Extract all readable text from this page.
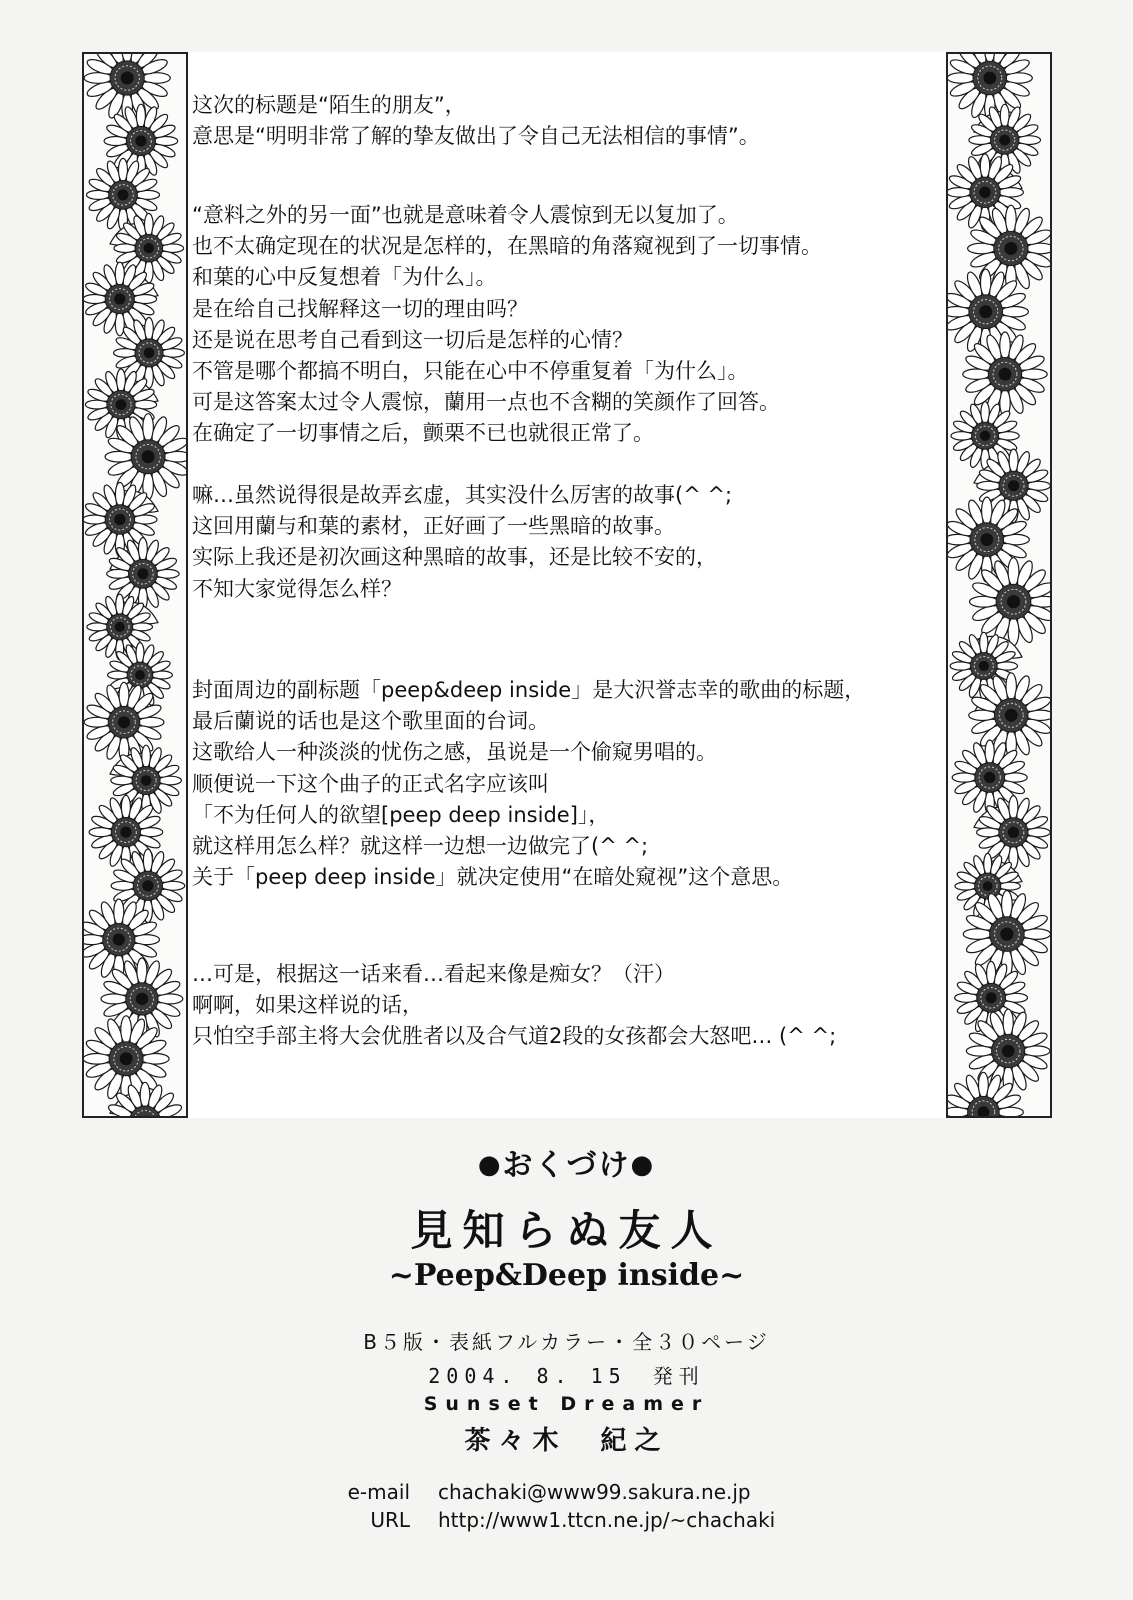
这次的标题是“陌生的朋友”，
意思是“明明非常了解的挚友做出了令自己无法相信的事情”。
“意料之外的另一面”也就是意味着令人震惊到无以复加了。
也不太确定现在的状况是怎样的，在黑暗的角落窥视到了一切事情。
和葉的心中反复想着「为什么」。
是在给自己找解释这一切的理由吗？
还是说在思考自己看到这一切后是怎样的心情？
不管是哪个都搞不明白，只能在心中不停重复着「为什么」。
可是这答案太过令人震惊，蘭用一点也不含糊的笑颜作了回答。
在确定了一切事情之后，颤栗不已也就很正常了。
嘛…虽然说得很是故弄玄虚，其实没什么厉害的故事(^ ^;
这回用蘭与和葉的素材，正好画了一些黑暗的故事。
实际上我还是初次画这种黑暗的故事，还是比较不安的，
不知大家觉得怎么样？
封面周边的副标题「peep&deep inside」是大沢誉志幸的歌曲的标题，
最后蘭说的话也是这个歌里面的台词。
这歌给人一种淡淡的忧伤之感，虽说是一个偷窥男唱的。
顺便说一下这个曲子的正式名字应该叫
「不为任何人的欲望[peep deep inside]」，
就这样用怎么样？就这样一边想一边做完了(^ ^;
关于「peep deep inside」就决定使用“在暗处窥视”这个意思。
…可是，根据这一话来看…看起来像是痴女？（汗）
啊啊，如果这样说的话，
只怕空手部主将大会优胜者以及合气道2段的女孩都会大怒吧… (^ ^;
●おくづけ●
見知らぬ友人
~Peep&Deep inside~
B５版・表紙フルカラー・全３０ページ
2004. 8. 15　発刊
Sunset Dreamer
茶々木　紀之
e-mail chachaki@www99.sakura.ne.jp
URL http://www1.ttcn.ne.jp/~chachaki
